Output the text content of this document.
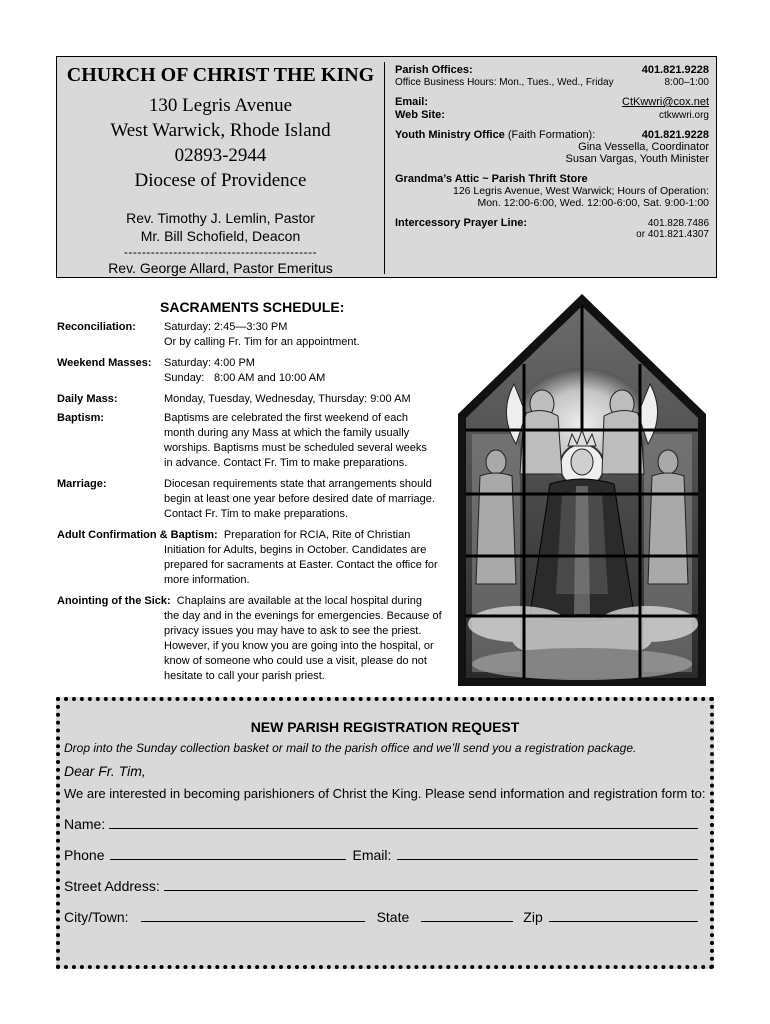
CHURCH OF CHRIST THE KING
130 Legris Avenue
West Warwick, Rhode Island
02893-2944
Diocese of Providence
Rev. Timothy J. Lemlin, Pastor
Mr. Bill Schofield, Deacon
-------------------------------------------
Rev. George Allard, Pastor Emeritus
Parish Offices:	401.821.9228
Office Business Hours: Mon., Tues., Wed., Friday	8:00–1:00
Email:	CtKwwri@cox.net
Web Site:	ctkwwri.org
Youth Ministry Office (Faith Formation):	401.821.9228
Gina Vessella, Coordinator
Susan Vargas, Youth Minister
Grandma’s Attic ~ Parish Thrift Store
126 Legris Avenue, West Warwick; Hours of Operation:
Mon. 12:00-6:00, Wed. 12:00-6:00, Sat. 9:00-1:00
Intercessory Prayer Line:	401.828.7486
or 401.821.4307
SACRAMENTS SCHEDULE:
Reconciliation:	Saturday: 2:45—3:30 PM
Or by calling Fr. Tim for an appointment.
Weekend Masses:	Saturday: 4:00 PM
Sunday: 8:00 AM and 10:00 AM
Daily Mass:	Monday, Tuesday, Wednesday, Thursday: 9:00 AM
Baptism:	Baptisms are celebrated the first weekend of each month during any Mass at which the family usually worships. Baptisms must be scheduled several weeks in advance. Contact Fr. Tim to make preparations.
Marriage:	Diocesan requirements state that arrangements should begin at least one year before desired date of marriage. Contact Fr. Tim to make preparations.
Adult Confirmation & Baptism: Preparation for RCIA, Rite of Christian
Initiation for Adults, begins in October. Candidates are prepared for sacraments at Easter. Contact the office for more information.
Anointing of the Sick: Chaplains are available at the local hospital during
the day and in the evenings for emergencies. Because of privacy issues you may have to ask to see the priest. However, if you know you are going into the hospital, or know of someone who could use a visit, please do not hesitate to call your parish priest.
NEW PARISH REGISTRATION REQUEST
Drop into the Sunday collection basket or mail to the parish office and we’ll send you a registration package.
Dear Fr. Tim,
We are interested in becoming parishioners of Christ the King. Please send information and registration form to:
Name:
Phone	Email:
Street Address:
City/Town:	State	Zip
